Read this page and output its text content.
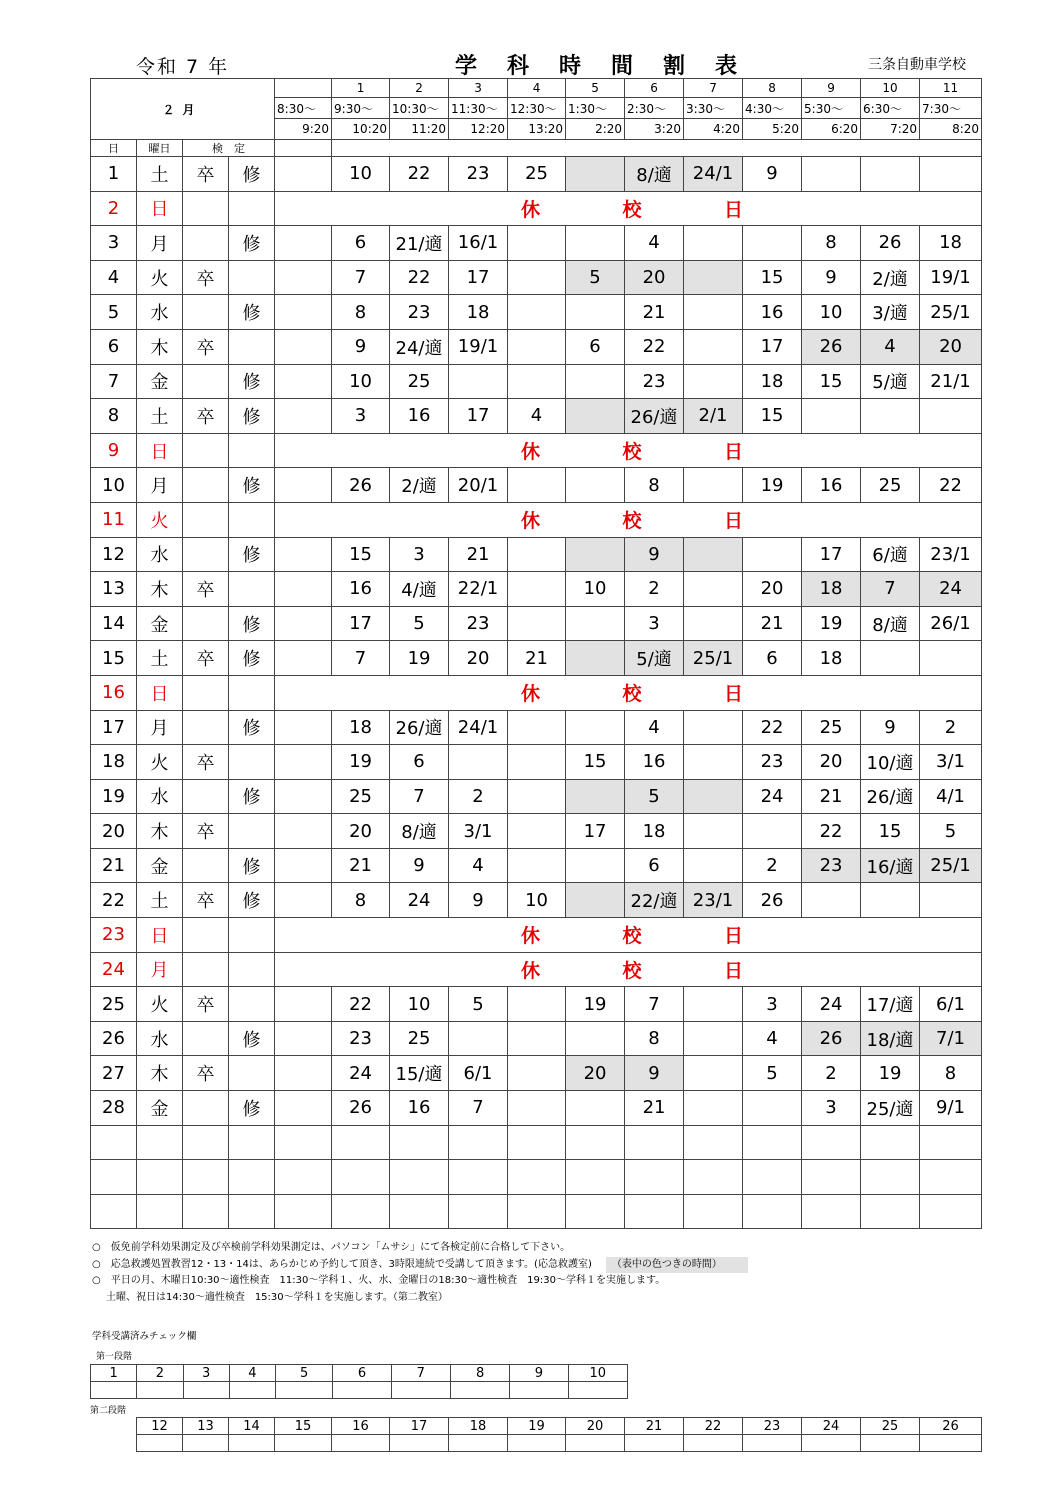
令和 7 年	学科時間割表	三条自動車学校
２月					1	2	3	4	5	6	7	8	9	10	11
				8:30～	9:30～	10:30～	11:30～	12:30～	1:30～	2:30～	3:30～	4:30～	5:30～	6:30～	7:30～
				9:20	10:20	11:20	12:20	13:20	2:20	3:20	4:20	5:20	6:20	7:20	8:20
日	曜日	検　定													
1	土	卒	修		10	22	23	25		8/適	24/1	9			
2	日			休 校 日											

3	月		修		6	21/適	16/1			4			8	26	18
4	火	卒			7	22	17		5	20		15	9	2/適	19/1
5	水		修		8	23	18			21		16	10	3/適	25/1
6	木	卒			9	24/適	19/1		6	22		17	26	4	20
7	金		修		10	25				23		18	15	5/適	21/1
8	土	卒	修		3	16	17	4		26/適	2/1	15			
9	日			休 校 日											

10	月		修		26	2/適	20/1			8		19	16	25	22
11	火			休 校 日											

12	水		修		15	3	21			9			17	6/適	23/1
13	木	卒			16	4/適	22/1		10	2		20	18	7	24
14	金		修		17	5	23			3		21	19	8/適	26/1
15	土	卒	修		7	19	20	21		5/適	25/1	6	18		
16	日			休 校 日											

17	月		修		18	26/適	24/1			4		22	25	9	2
18	火	卒			19	6			15	16		23	20	10/適	3/1
19	水		修		25	7	2			5		24	21	26/適	4/1
20	木	卒			20	8/適	3/1		17	18			22	15	5
21	金		修		21	9	4			6		2	23	16/適	25/1
22	土	卒	修		8	24	9	10		22/適	23/1	26			
23	日			休 校 日											

24	月			休 校 日											

25	火	卒			22	10	5		19	7		3	24	17/適	6/1
26	水		修		23	25				8		4	26	18/適	7/1
27	木	卒			24	15/適	6/1		20	9		5	2	19	8
28	金		修		26	16	7			21			3	25/適	9/1

○　仮免前学科効果測定及び卒検前学科効果測定は、パソコン「ムサシ」にて各検定前に合格して下さい。

○　応急救護処置教習12・13・14は、あらかじめ予約して頂き、3時限連続で受講して頂きます。(応急救護室) （表中の色つきの時間）

○　平日の月、木曜日10:30～適性検査　11:30～学科１、火、水、金曜日の18:30～適性検査　19:30～学科１を実施します。

土曜、祝日は14:30～適性検査　15:30～学科１を実施します。（第二教室）

学科受講済みチェック欄
第一段階
1	2	3	4	5	6	7	8	9	10

第二段階
12	13	14	15	16	17	18	19	20	21	22	23	24	25	26
